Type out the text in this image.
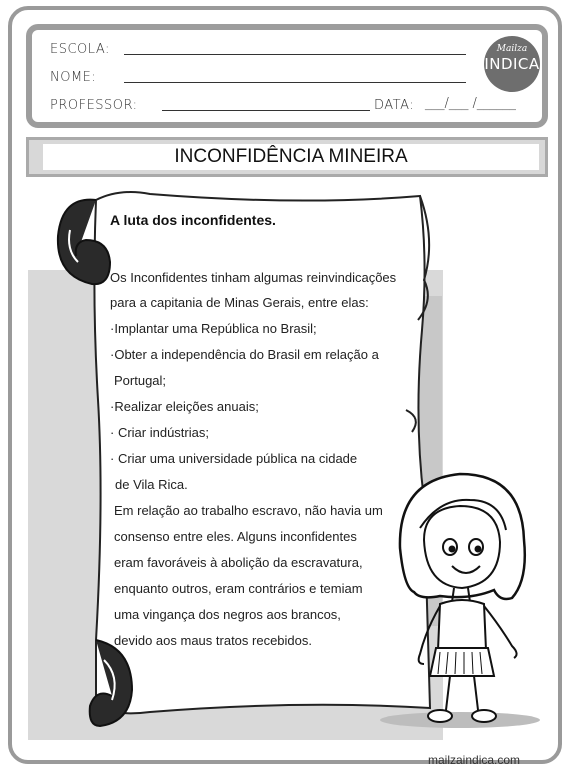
ESCOLA:
NOME:
PROFESSOR:	DATA: ___/___ /______
Mailza
INDICA
INCONFIDÊNCIA MINEIRA

A luta dos inconfidentes.

Os Inconfidentes tinham algumas reinvindicações
para a capitania de Minas Gerais, entre elas:
·Implantar uma República no Brasil;
·Obter a independência do Brasil em relação a
Portugal;
·Realizar eleições anuais;
· Criar indústrias;
· Criar uma universidade pública na cidade
de Vila Rica.
Em relação ao trabalho escravo, não havia um
consenso entre eles. Alguns inconfidentes
eram favoráveis à abolição da escravatura,
enquanto outros, eram contrários e temiam
uma vingança dos negros aos brancos,
devido aos maus tratos recebidos.
mailzaindica.com
